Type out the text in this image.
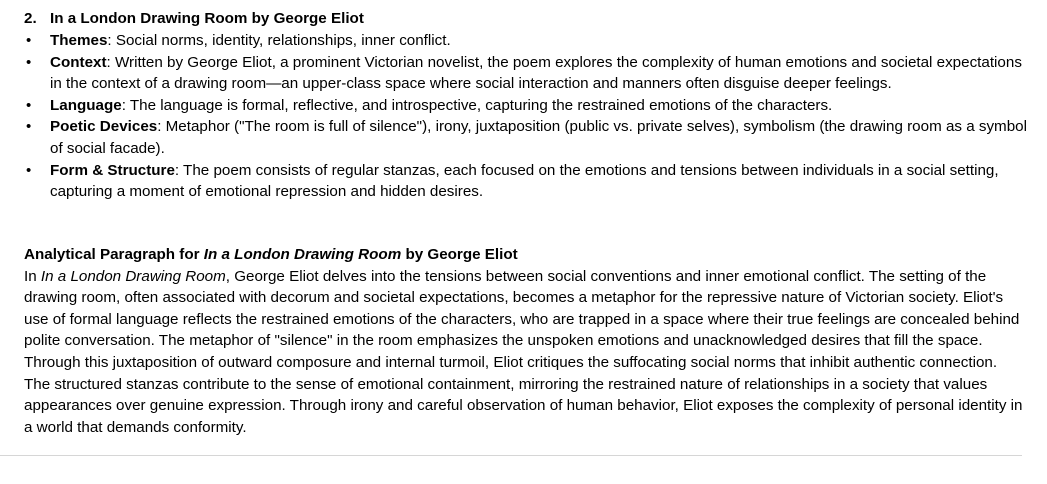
2. In a London Drawing Room by George Eliot
• Themes: Social norms, identity, relationships, inner conflict.
• Context: Written by George Eliot, a prominent Victorian novelist, the poem explores the complexity of human emotions and societal expectations in the context of a drawing room—an upper-class space where social interaction and manners often disguise deeper feelings.
• Language: The language is formal, reflective, and introspective, capturing the restrained emotions of the characters.
• Poetic Devices: Metaphor ("The room is full of silence"), irony, juxtaposition (public vs. private selves), symbolism (the drawing room as a symbol of social facade).
• Form & Structure: The poem consists of regular stanzas, each focused on the emotions and tensions between individuals in a social setting, capturing a moment of emotional repression and hidden desires.

Analytical Paragraph for In a London Drawing Room by George Eliot

In In a London Drawing Room, George Eliot delves into the tensions between social conventions and inner emotional conflict. The setting of the drawing room, often associated with decorum and societal expectations, becomes a metaphor for the repressive nature of Victorian society. Eliot's use of formal language reflects the restrained emotions of the characters, who are trapped in a space where their true feelings are concealed behind polite conversation. The metaphor of "silence" in the room emphasizes the unspoken emotions and unacknowledged desires that fill the space. Through this juxtaposition of outward composure and internal turmoil, Eliot critiques the suffocating social norms that inhibit authentic connection. The structured stanzas contribute to the sense of emotional containment, mirroring the restrained nature of relationships in a society that values appearances over genuine expression. Through irony and careful observation of human behavior, Eliot exposes the complexity of personal identity in a world that demands conformity.
